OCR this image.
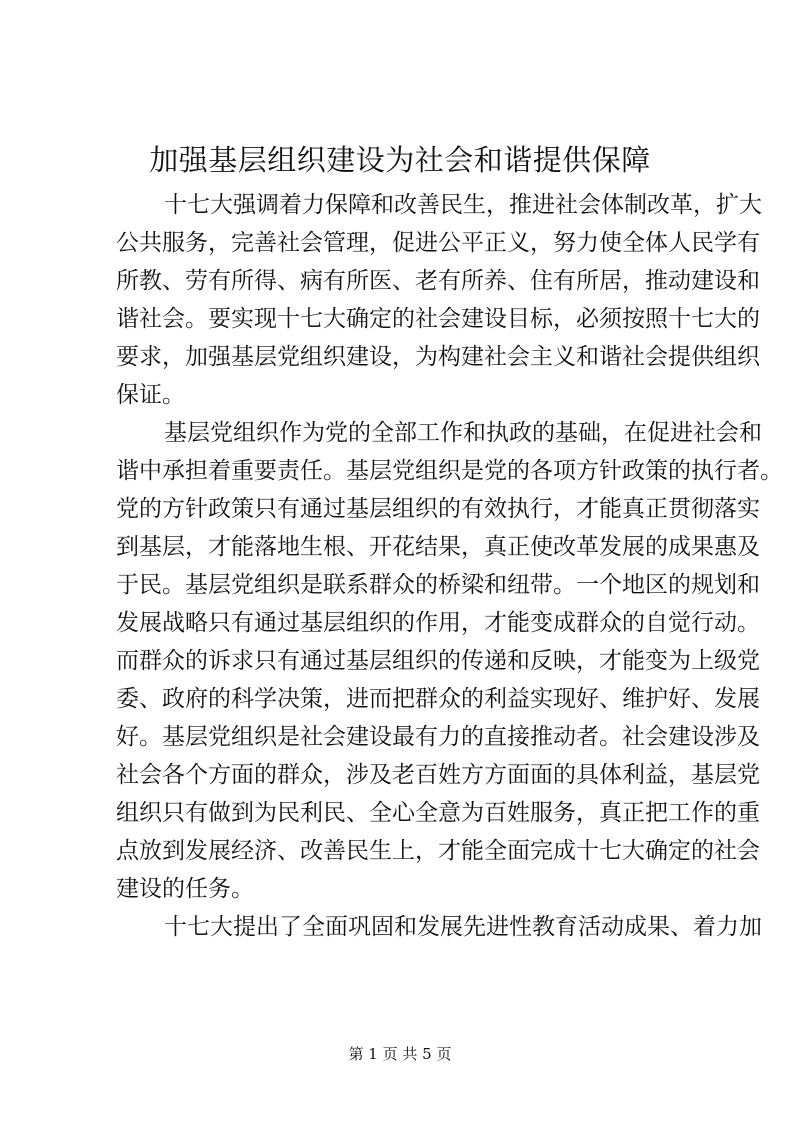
加强基层组织建设为社会和谐提供保障
十七大强调着力保障和改善民生，推进社会体制改革，扩大
公共服务，完善社会管理，促进公平正义，努力使全体人民学有
所教、劳有所得、病有所医、老有所养、住有所居，推动建设和
谐社会。要实现十七大确定的社会建设目标，必须按照十七大的
要求，加强基层党组织建设，为构建社会主义和谐社会提供组织
保证。
基层党组织作为党的全部工作和执政的基础，在促进社会和
谐中承担着重要责任。基层党组织是党的各项方针政策的执行者。
党的方针政策只有通过基层组织的有效执行，才能真正贯彻落实
到基层，才能落地生根、开花结果，真正使改革发展的成果惠及
于民。基层党组织是联系群众的桥梁和纽带。一个地区的规划和
发展战略只有通过基层组织的作用，才能变成群众的自觉行动。
而群众的诉求只有通过基层组织的传递和反映，才能变为上级党
委、政府的科学决策，进而把群众的利益实现好、维护好、发展
好。基层党组织是社会建设最有力的直接推动者。社会建设涉及
社会各个方面的群众，涉及老百姓方方面面的具体利益，基层党
组织只有做到为民利民、全心全意为百姓服务，真正把工作的重
点放到发展经济、改善民生上，才能全面完成十七大确定的社会
建设的任务。
十七大提出了全面巩固和发展先进性教育活动成果、着力加
第 1 页 共 5 页
